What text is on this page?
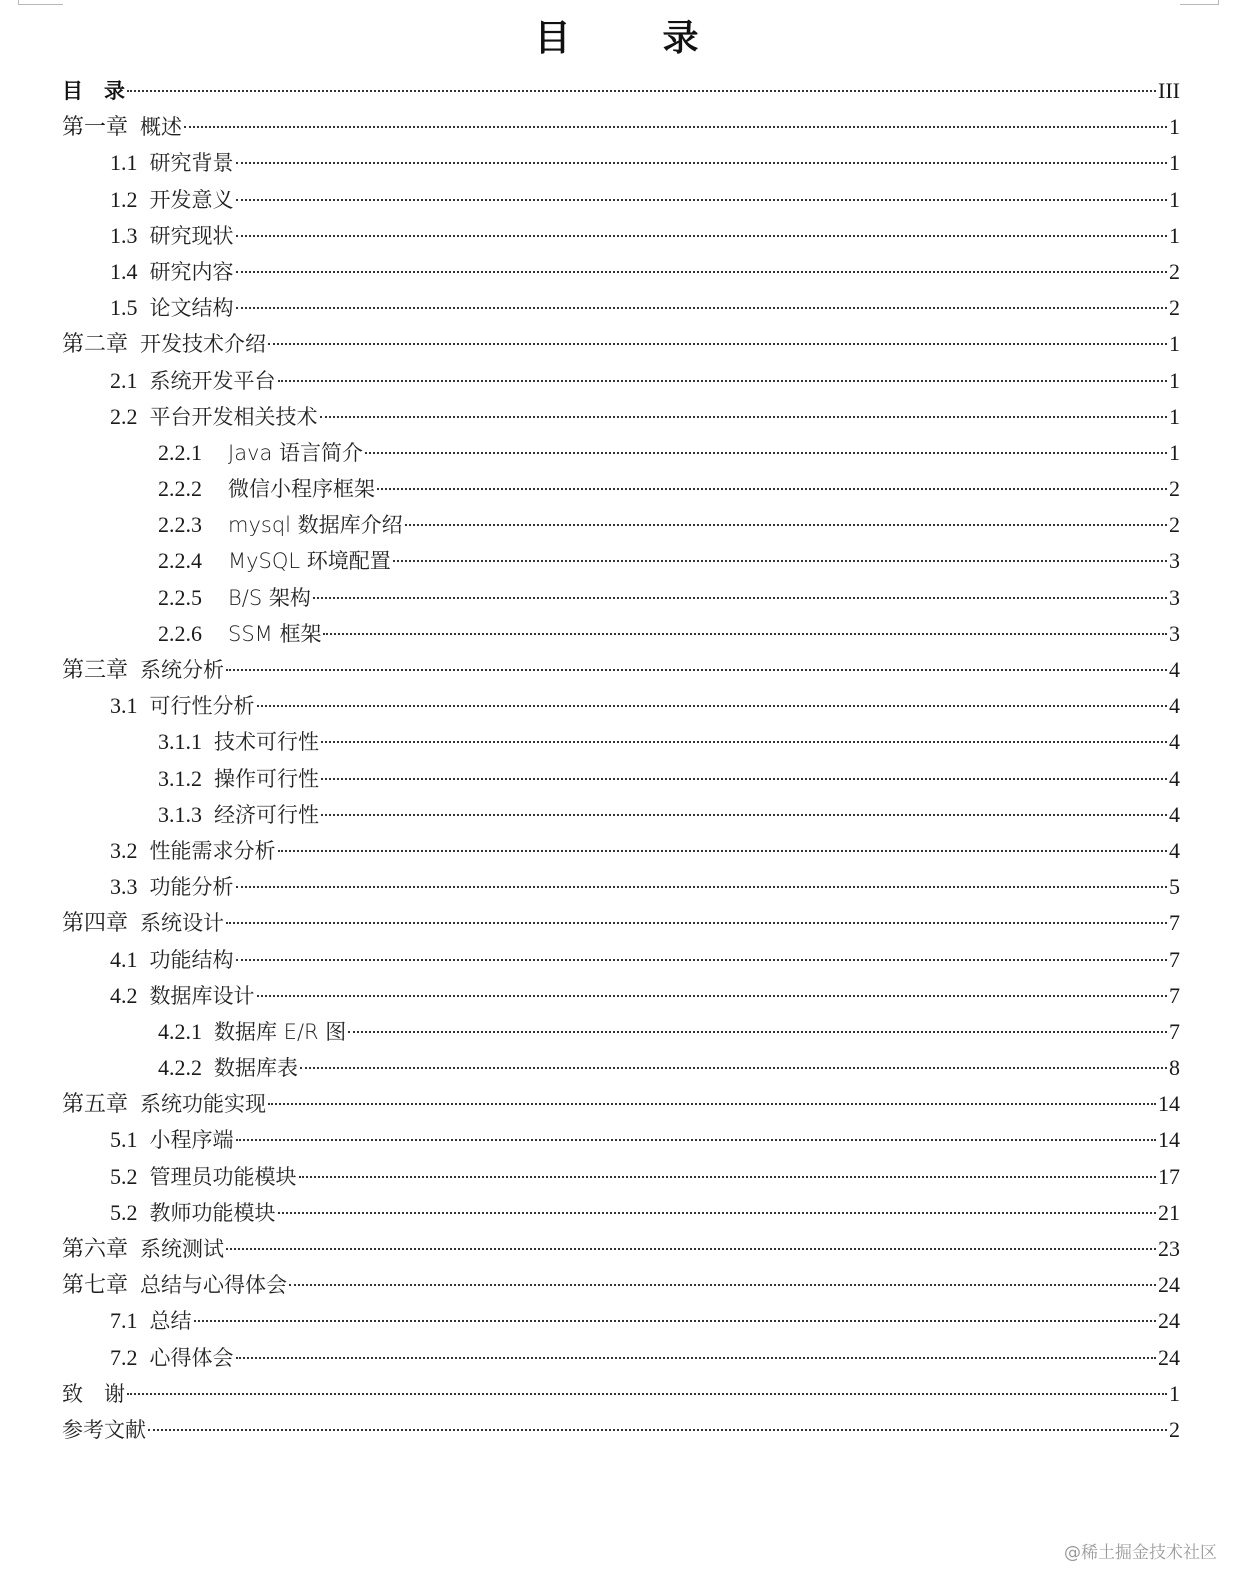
目　录
目　录	III
第一章 概述	1
1.1 研究背景	1
1.2 开发意义	1
1.3 研究现状	1
1.4 研究内容	2
1.5 论文结构	2
第二章 开发技术介绍	1
2.1 系统开发平台	1
2.2 平台开发相关技术	1
2.2.1 Java 语言简介	1
2.2.2 微信小程序框架	2
2.2.3 mysql 数据库介绍	2
2.2.4 MySQL 环境配置	3
2.2.5 B/S 架构	3
2.2.6 SSM 框架	3
第三章 系统分析	4
3.1 可行性分析	4
3.1.1 技术可行性	4
3.1.2 操作可行性	4
3.1.3 经济可行性	4
3.2 性能需求分析	4
3.3 功能分析	5
第四章 系统设计	7
4.1 功能结构	7
4.2 数据库设计	7
4.2.1 数据库 E/R 图	7
4.2.2 数据库表	8
第五章 系统功能实现	14
5.1 小程序端	14
5.2 管理员功能模块	17
5.2 教师功能模块	21
第六章 系统测试	23
第七章 总结与心得体会	24
7.1 总结	24
7.2 心得体会	24
致　谢	1
参考文献	2
@稀土掘金技术社区
